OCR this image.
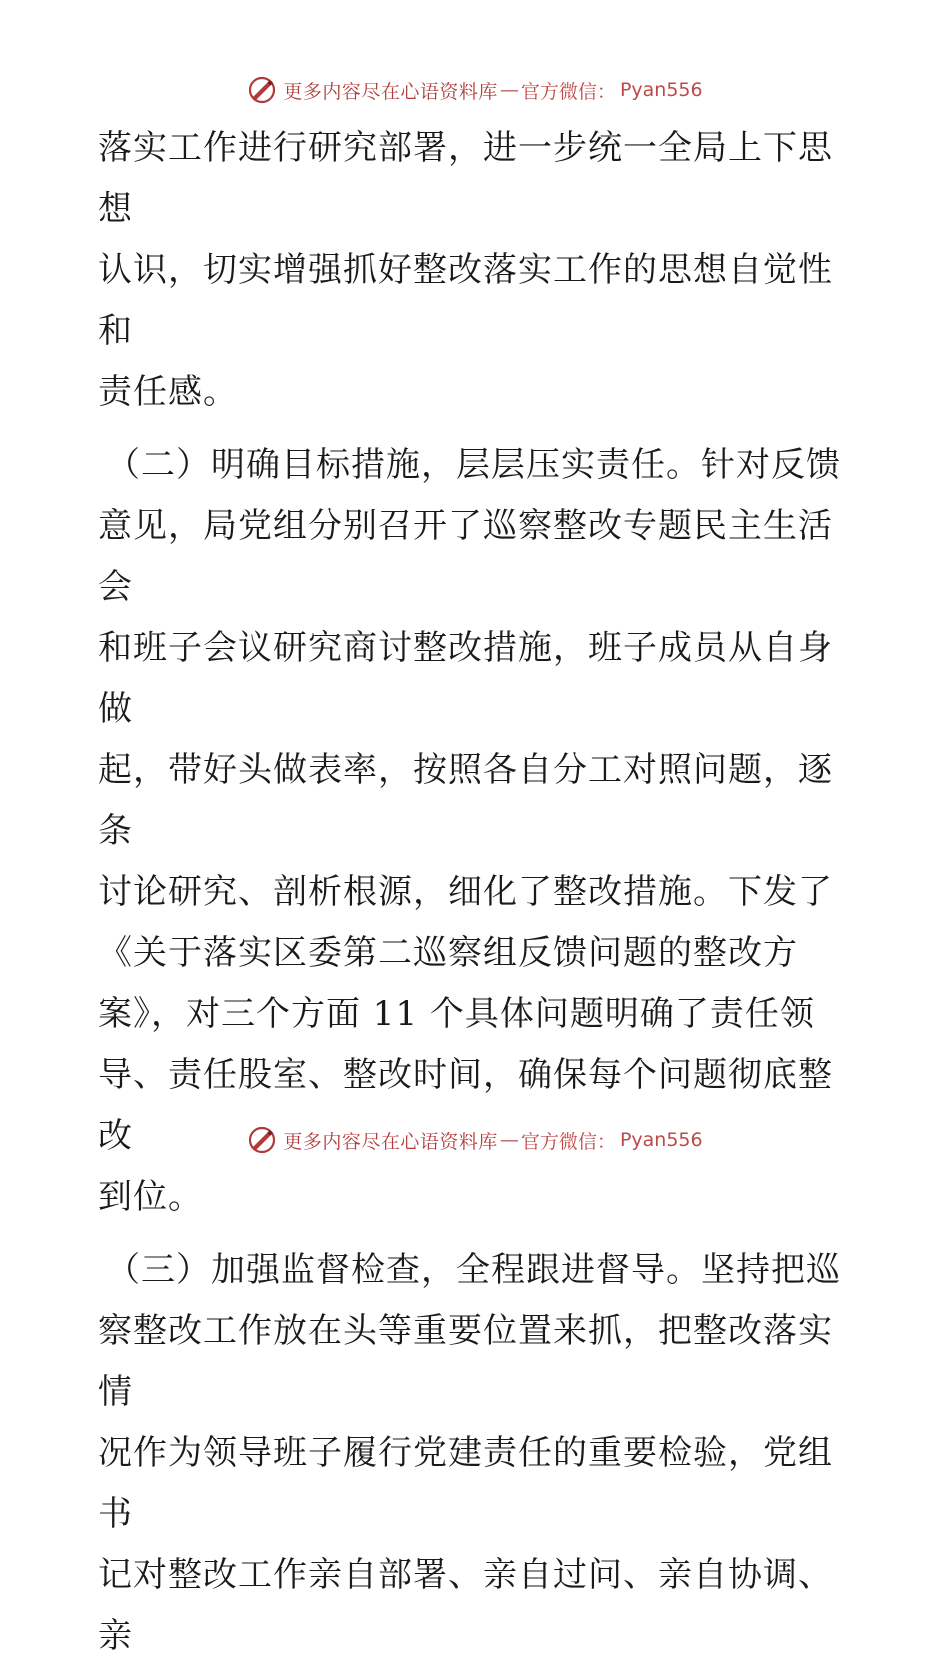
更多内容尽在心语资料库 — 官方微信： Pyan556

落实工作进行研究部署，进一步统一全局上下思想
认识，切实增强抓好整改落实工作的思想自觉性和
责任感。

（二）明确目标措施，层层压实责任。针对反馈
意见，局党组分别召开了巡察整改专题民主生活会
和班子会议研究商讨整改措施，班子成员从自身做
起，带好头做表率，按照各自分工对照问题，逐条
讨论研究、剖析根源，细化了整改措施。下发了
《关于落实区委第二巡察组反馈问题的整改方
案》，对三个方面 11 个具体问题明确了责任领
导、责任股室、整改时间，确保每个问题彻底整改
到位。

（三）加强监督检查，全程跟进督导。坚持把巡
察整改工作放在头等重要位置来抓，把整改落实情
况作为领导班子履行党建责任的重要检验，党组书
记对整改工作亲自部署、亲自过问、亲自协调、亲

更多内容尽在心语资料库 — 官方微信： Pyan556
